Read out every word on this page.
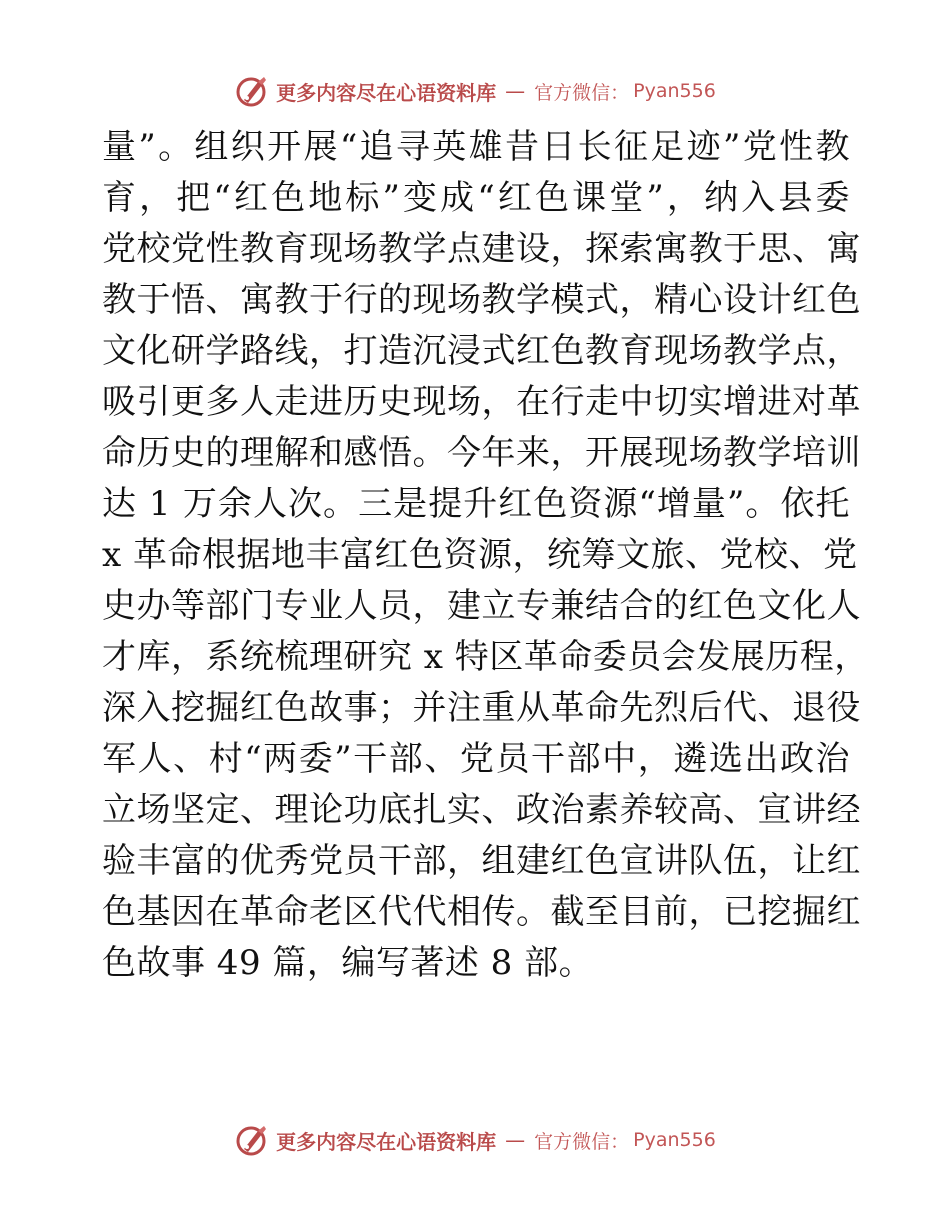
更多内容尽在心语资料库 — 官方微信： Pyan556
量”。组织开展“追寻英雄昔日长征足迹”党性教
育，把“红色地标”变成“红色课堂”，纳入县委
党校党性教育现场教学点建设，探索寓教于思、寓
教于悟、寓教于行的现场教学模式，精心设计红色
文化研学路线，打造沉浸式红色教育现场教学点，
吸引更多人走进历史现场，在行走中切实增进对革
命历史的理解和感悟。今年来，开展现场教学培训
达 1 万余人次。三是提升红色资源“增量”。依托
x 革命根据地丰富红色资源，统筹文旅、党校、党
史办等部门专业人员，建立专兼结合的红色文化人
才库，系统梳理研究 x 特区革命委员会发展历程，
深入挖掘红色故事；并注重从革命先烈后代、退役
军人、村“两委”干部、党员干部中，遴选出政治
立场坚定、理论功底扎实、政治素养较高、宣讲经
验丰富的优秀党员干部，组建红色宣讲队伍，让红
色基因在革命老区代代相传。截至目前，已挖掘红
色故事 49 篇，编写著述 8 部。
更多内容尽在心语资料库 — 官方微信： Pyan556
